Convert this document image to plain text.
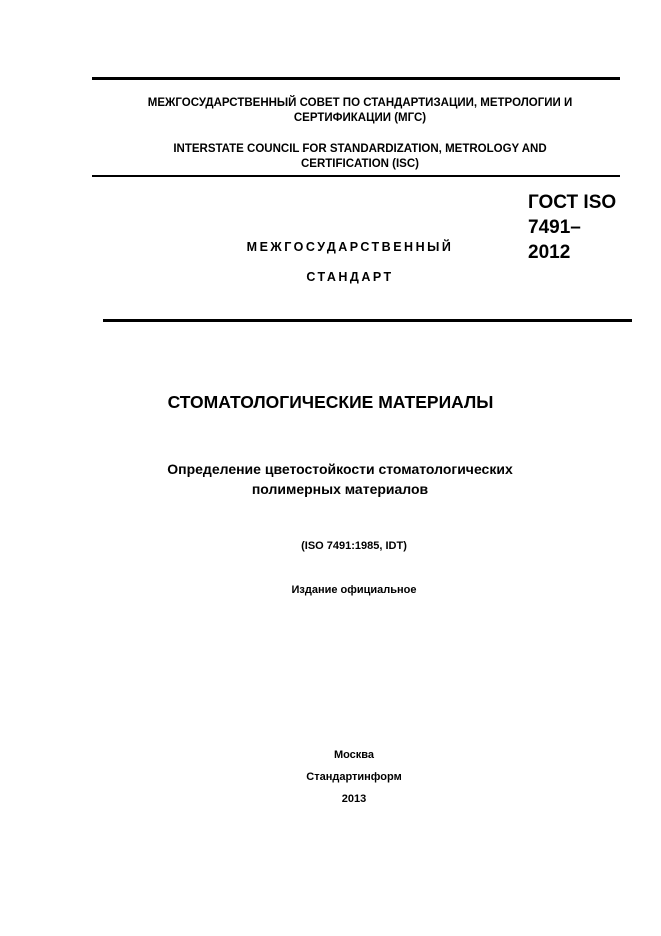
МЕЖГОСУДАРСТВЕННЫЙ СОВЕТ ПО СТАНДАРТИЗАЦИИ, МЕТРОЛОГИИ И
СЕРТИФИКАЦИИ (МГС)
INTERSTATE COUNCIL FOR STANDARDIZATION, METROLOGY AND
CERTIFICATION (ISC)
МЕЖГОСУДАРСТВЕННЫЙ
СТАНДАРТ
ГОСТ ISO
7491–
2012
СТОМАТОЛОГИЧЕСКИЕ МАТЕРИАЛЫ
Определение цветостойкости стоматологических
полимерных материалов
(ISO 7491:1985, IDT)
Издание официальное
Москва
Стандартинформ
2013
